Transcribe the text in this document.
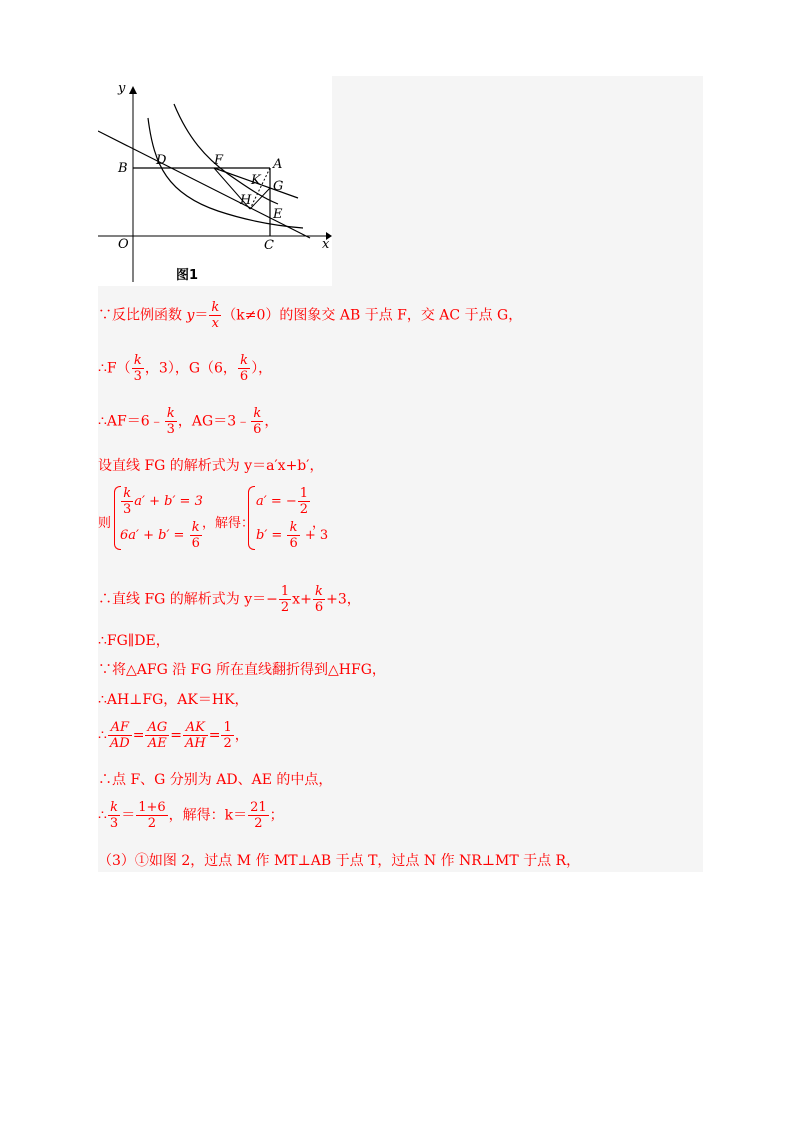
y
x
O
B
D	F	A
K G
H
E
C
图1
∵反比例函数 $y= \frac{k}{x} (k\ne 0)$的图象交 AB 于点 F，交 AC 于点 G，
∴F（ $\frac{k}{3}$ ，3），G（6， $\frac{k}{6}$ ），
∴AF＝6﹣ $\frac{k}{3}$ ，AG＝3﹣ $\frac{k}{6}$ ，
设直线 FG 的解析式为 y＝a′x+b′，
则
$\frac{k}{3} a' + b' = 3$
$6a' + b' = \frac{k}{6}$ ，解得：
a′ = − $\frac{1}{2}$
$b' = \frac{k}{6} + 3$
，
∴直线 FG 的解析式为 $y=- \frac{1}{2} x+ \frac{k}{6} +3$，
∴FG∥DE，
∵将△AFG 沿 FG 所在直线翻折得到△HFG，
∴AH⊥FG，AK＝HK，
∴ $\frac{AF}{AD} = \frac{AG}{AE} = \frac{AK}{AH} = \frac{1}{2}$ ，
∴点 F、G 分别为 AD、AE 的中点，
∴ $\frac{k}{3} = \frac{1+6}{2}$ ，解得：$k= \frac{21}{2}$ ；
（3）①如图 2，过点 M 作 MT⊥AB 于点 T，过点 N 作 NR⊥MT 于点 R，
